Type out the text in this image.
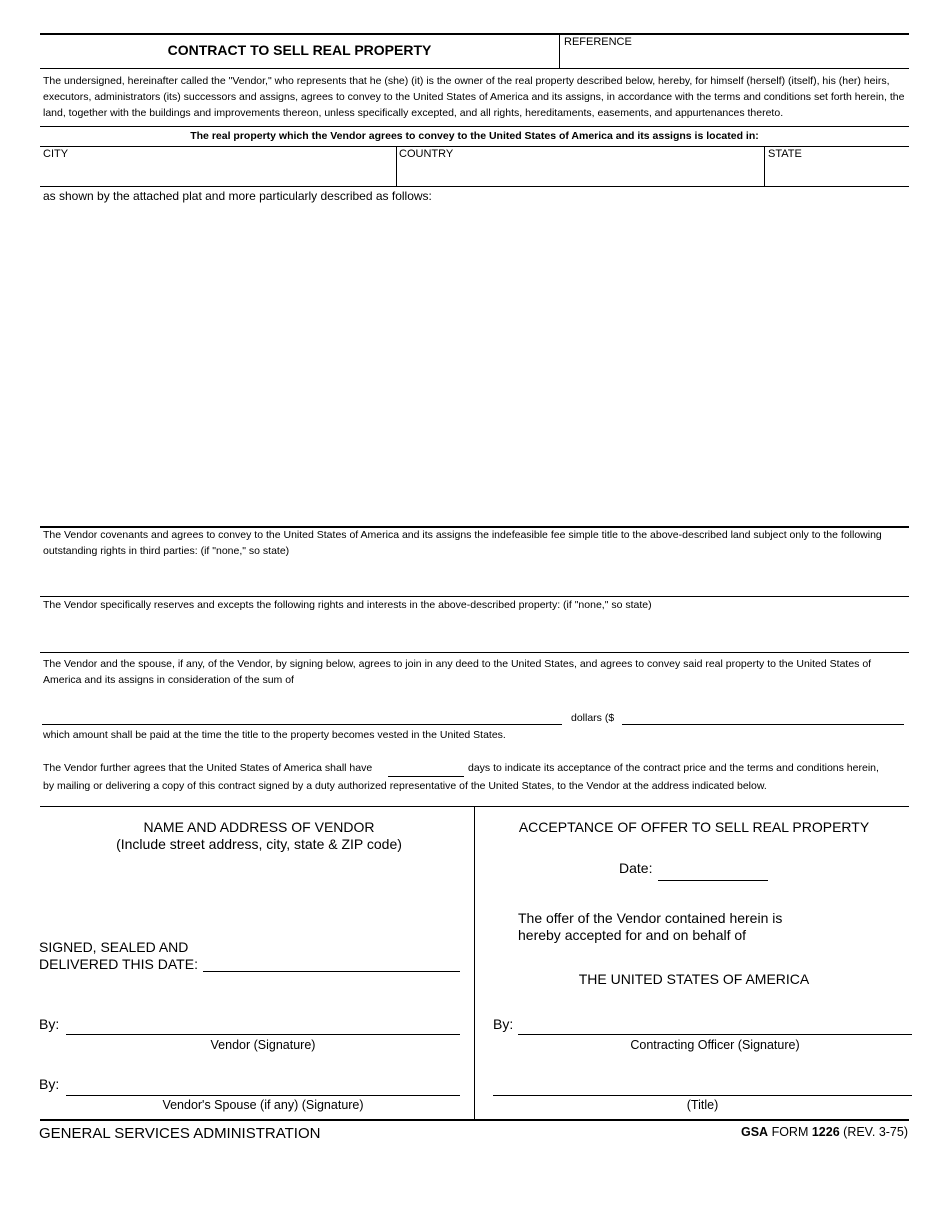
CONTRACT TO SELL REAL PROPERTY	REFERENCE
The undersigned, hereinafter called the "Vendor," who represents that he (she) (it) is the owner of the real property described below, hereby, for himself (herself) (itself), his (her) heirs, executors, administrators (its) successors and assigns, agrees to convey to the United States of America and its assigns, in accordance with the terms and conditions set forth herein, the land, together with the buildings and improvements thereon, unless specifically excepted, and all rights, hereditaments, easements, and appurtenances thereto.
The real property which the Vendor agrees to convey to the United States of America and its assigns is located in:
CITY	COUNTRY	STATE
as shown by the attached plat and more particularly described as follows:
The Vendor covenants and agrees to convey to the United States of America and its assigns the indefeasible fee simple title to the above-described land subject only to the following outstanding rights in third parties: (if "none," so state)
The Vendor specifically reserves and excepts the following rights and interests in the above-described property: (if "none," so state)
The Vendor and the spouse, if any, of the Vendor, by signing below, agrees to join in any deed to the United States, and agrees to convey said real property to the United States of America and its assigns in consideration of the sum of
dollars ($
which amount shall be paid at the time the title to the property becomes vested in the United States.
The Vendor further agrees that the United States of America shall have	days to indicate its acceptance of the contract price and the terms and conditions herein,
by mailing or delivering a copy of this contract signed by a duty authorized representative of the United States, to the Vendor at the address indicated below.
NAME AND ADDRESS OF VENDOR
(Include street address, city, state & ZIP code)
SIGNED, SEALED AND
DELIVERED THIS DATE:
By:
Vendor (Signature)
By:
Vendor's Spouse (if any) (Signature)
ACCEPTANCE OF OFFER TO SELL REAL PROPERTY
Date:
The offer of the Vendor contained herein is
hereby accepted for and on behalf of
THE UNITED STATES OF AMERICA
By:
Contracting Officer (Signature)
(Title)
GENERAL SERVICES ADMINISTRATION	GSA FORM 1226 (REV. 3-75)
